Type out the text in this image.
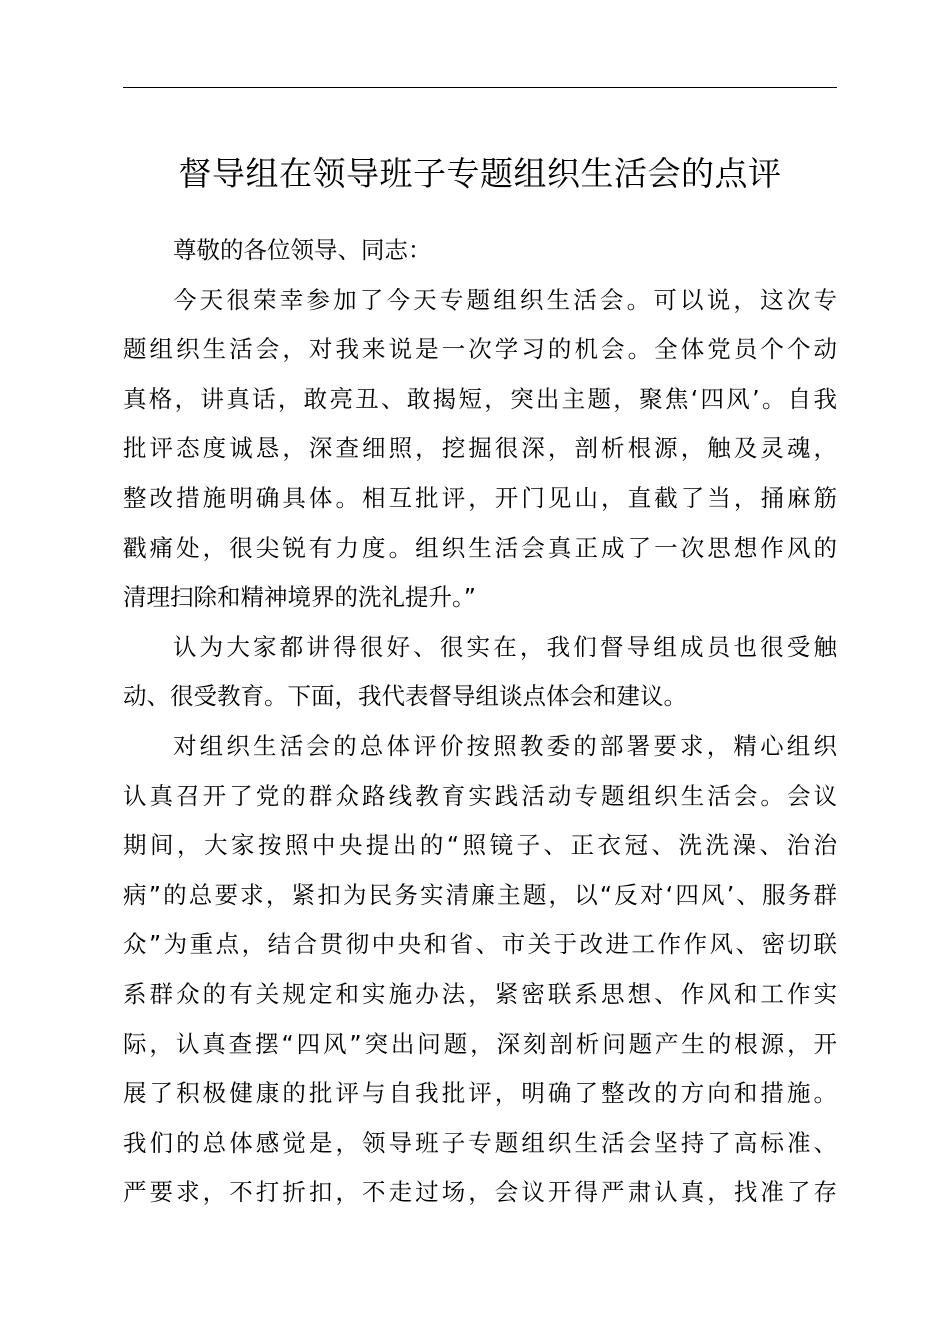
督导组在领导班子专题组织生活会的点评
尊敬的各位领导、同志：
今天很荣幸参加了今天专题组织生活会。可以说，这次专
题组织生活会，对我来说是一次学习的机会。全体党员个个动
真格，讲真话，敢亮丑、敢揭短，突出主题，聚焦‘四风’。自我
批评态度诚恳，深查细照，挖掘很深，剖析根源，触及灵魂，
整改措施明确具体。相互批评，开门见山，直截了当，捅麻筋
戳痛处，很尖锐有力度。组织生活会真正成了一次思想作风的
清理扫除和精神境界的洗礼提升。”
认为大家都讲得很好、很实在，我们督导组成员也很受触
动、很受教育。下面，我代表督导组谈点体会和建议。
对组织生活会的总体评价按照教委的部署要求，精心组织
认真召开了党的群众路线教育实践活动专题组织生活会。会议
期间，大家按照中央提出的“照镜子、正衣冠、洗洗澡、治治
病”的总要求，紧扣为民务实清廉主题，以“反对‘四风’、服务群
众”为重点，结合贯彻中央和省、市关于改进工作作风、密切联
系群众的有关规定和实施办法，紧密联系思想、作风和工作实
际，认真查摆“四风”突出问题，深刻剖析问题产生的根源，开
展了积极健康的批评与自我批评，明确了整改的方向和措施。
我们的总体感觉是，领导班子专题组织生活会坚持了高标准、
严要求，不打折扣，不走过场，会议开得严肃认真，找准了存
